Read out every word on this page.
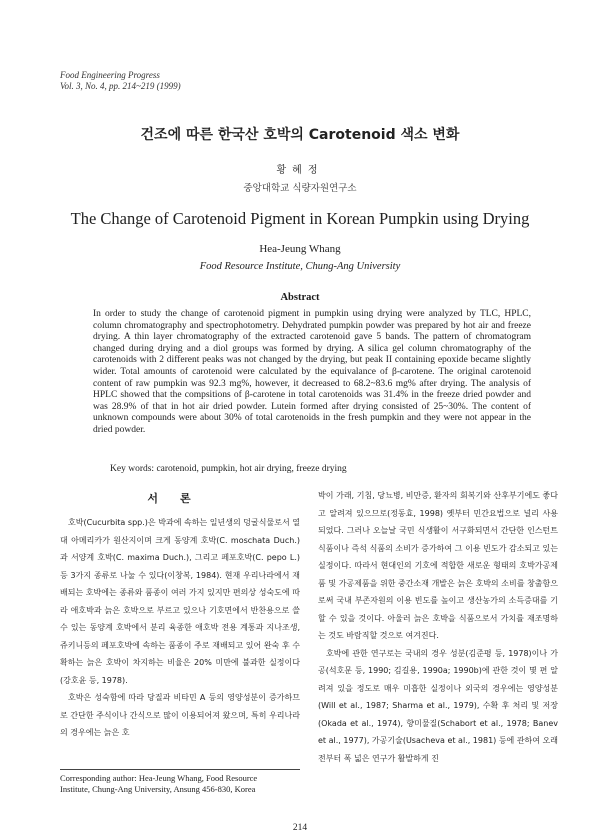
Food Engineering Progress
Vol. 3, No. 4, pp. 214~219 (1999)
건조에 따른 한국산 호박의 Carotenoid 색소 변화
황혜정
중앙대학교 식량자원연구소
The Change of Carotenoid Pigment in Korean Pumpkin using Drying
Hea-Jeung Whang
Food Resource Institute, Chung-Ang University
Abstract

In order to study the change of carotenoid pigment in pumpkin using drying were analyzed by TLC, HPLC, column chromatography and spectrophotometry. Dehydrated pumpkin powder was prepared by hot air and freeze drying. A thin layer chromatography of the extracted carotenoid gave 5 bands. The pattern of chromatogram changed during drying and a diol groups was formed by drying. A silica gel column chromatography of the carotenoids with 2 different peaks was not changed by the drying, but peak II containing epoxide became slightly wider. Total amounts of carotenoid were calculated by the equivalance of β-carotene. The original carotenoid content of raw pumpkin was 92.3 mg%, however, it decreased to 68.2~83.6 mg% after drying. The analysis of HPLC showed that the compsitions of β-carotene in total carotenoids was 31.4% in the freeze dried powder and was 28.9% of that in hot air dried powder. Lutein formed after drying consisted of 25~30%. The content of unknown compounds were about 30% of total carotenoids in the fresh pumpkin and they were not appear in the dried powder.

Key words: carotenoid, pumpkin, hot air drying, freeze drying
서론

호박(Cucurbita spp.)은 박과에 속하는 일년생의 덩굴식물로서 열대 아메리카가 원산지이며 크게 동양계 호박(C. moschata Duch.)과 서양계 호박(C. maxima Duch.), 그리고 페포호박(C. pepo L.) 등 3가지 종류로 나눌 수 있다(이창복, 1984). 현재 우리나라에서 재배되는 호박에는 종류와 품종이 여러 가지 있지만 편의상 성숙도에 따라 애호박과 늙은 호박으로 부르고 있으나 기호면에서 반찬용으로 쓸 수 있는 동양계 호박에서 분리 육종한 애호박 전용 계통과 지나조생, 쥬키니등의 페포호박에 속하는 품종이 주로 재배되고 있어 완숙 후 수확하는 늙은 호박이 차지하는 비율은 20% 미만에 불과한 실정이다(강호윤 등, 1978).

호박은 성숙함에 따라 당질과 비타민 A 등의 영양성분이 증가하므로 간단한 주식이나 간식으로 많이 이용되어져 왔으며, 특히 우리나라의 경우에는 늙은 호

박이 가래, 기침, 당뇨병, 비만증, 환자의 회복기와 산후부기에도 좋다고 알려져 있으므로(정동효, 1998) 옛부터 민간요법으로 널리 사용되었다. 그러나 오늘날 국민 식생활이 서구화되면서 간단한 인스턴트 식품이나 즉석 식품의 소비가 증가하여 그 이용 빈도가 감소되고 있는 실정이다. 따라서 현대인의 기호에 적합한 새로운 형태의 호박가공제품 및 가공제품을 위한 중간소재 개발은 늙은 호박의 소비를 창출함으로써 국내 부존자원의 이용 빈도를 높이고 생산농가의 소득증대를 기할 수 있을 것이다. 아울러 늙은 호박을 식품으로서 가치를 재조명하는 것도 바람직할 것으로 여겨진다.

호박에 관한 연구로는 국내의 경우 성분(김준평 등, 1978)이나 가공(석호문 등, 1990; 김길용, 1990a; 1990b)에 관한 것이 몇 편 알려져 있을 정도로 매우 미흡한 실정이나 외국의 경우에는 영양성분(Will et al., 1987; Sharma et al., 1979), 수확 후 처리 및 저장(Okada et al., 1974), 향미물질(Schabort et al., 1978; Banev et al., 1977), 가공기술(Usacheva et al., 1981) 등에 관하여 오래 전부터 폭 넓은 연구가 활발하게 진

Corresponding author: Hea-Jeung Whang, Food Resource
Institute, Chung-Ang University, Ansung 456-830, Korea
214
